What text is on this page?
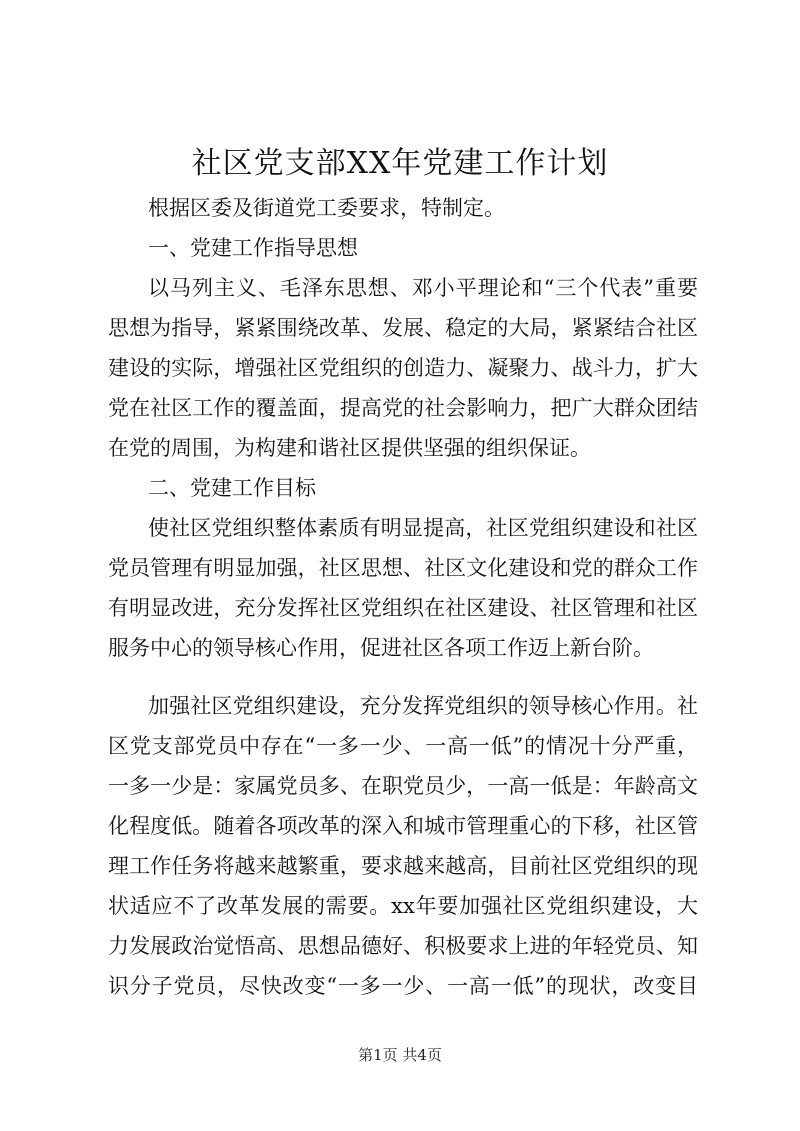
社区党支部XX年党建工作计划
根据区委及街道党工委要求，特制定。
一、党建工作指导思想
以马列主义、毛泽东思想、邓小平理论和“三个代表”重要
思想为指导，紧紧围绕改革、发展、稳定的大局，紧紧结合社区
建设的实际，增强社区党组织的创造力、凝聚力、战斗力，扩大
党在社区工作的覆盖面，提高党的社会影响力，把广大群众团结
在党的周围，为构建和谐社区提供坚强的组织保证。
二、党建工作目标
使社区党组织整体素质有明显提高，社区党组织建设和社区
党员管理有明显加强，社区思想、社区文化建设和党的群众工作
有明显改进，充分发挥社区党组织在社区建设、社区管理和社区
服务中心的领导核心作用，促进社区各项工作迈上新台阶。
加强社区党组织建设，充分发挥党组织的领导核心作用。社
区党支部党员中存在“一多一少、一高一低”的情况十分严重，
一多一少是：家属党员多、在职党员少，一高一低是：年龄高文
化程度低。随着各项改革的深入和城市管理重心的下移，社区管
理工作任务将越来越繁重，要求越来越高，目前社区党组织的现
状适应不了改革发展的需要。xx年要加强社区党组织建设，大
力发展政治觉悟高、思想品德好、积极要求上进的年轻党员、知
识分子党员，尽快改变“一多一少、一高一低”的现状，改变目
第1页 共4页
